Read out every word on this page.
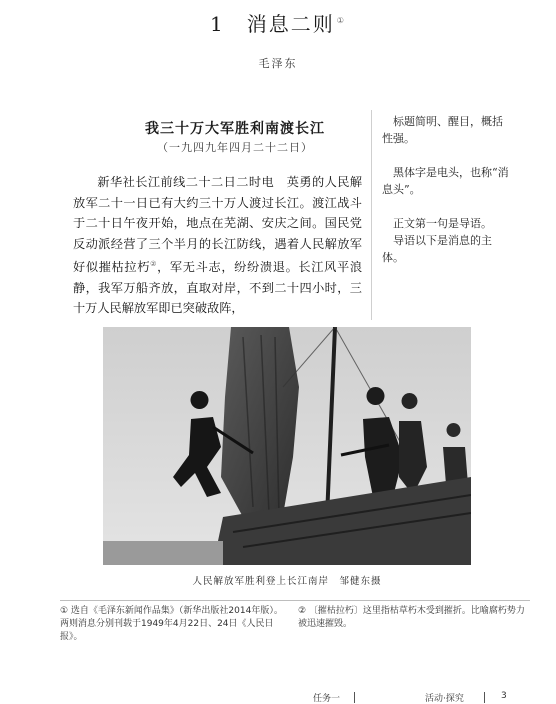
1 消息二则 ①
毛泽东
我三十万大军胜利南渡长江
（一九四九年四月二十二日）
新华社长江前线二十二日二时电　 英勇的人民解放军二十一日已有大约三十万人渡过长江。渡江战斗于二十日午夜开始，地点在芜湖、安庆之间。国民党反动派经营了三个半月的长江防线，遇着人民解放军好似摧枯拉朽②，军无斗志，纷纷溃退。长江风平浪静，我军万船齐放，直取对岸，不到二十四小时，三十万人民解放军即已突破敌阵，

标题简明、醒目，概括性强。

黑体字是电头，也称“消息头”。

正文第一句是导语。

导语以下是消息的主体。

人民解放军胜利登上长江南岸　邹健东摄
① 选自《毛泽东新闻作品集》（新华出版社2014年版）。两则消息分别刊载于1949年4月22日、24日《人民日报》。
② 〔摧枯拉朽〕这里指枯草朽木受到摧折。比喻腐朽势力被迅速摧毁。
任务一	活动·探究	3
